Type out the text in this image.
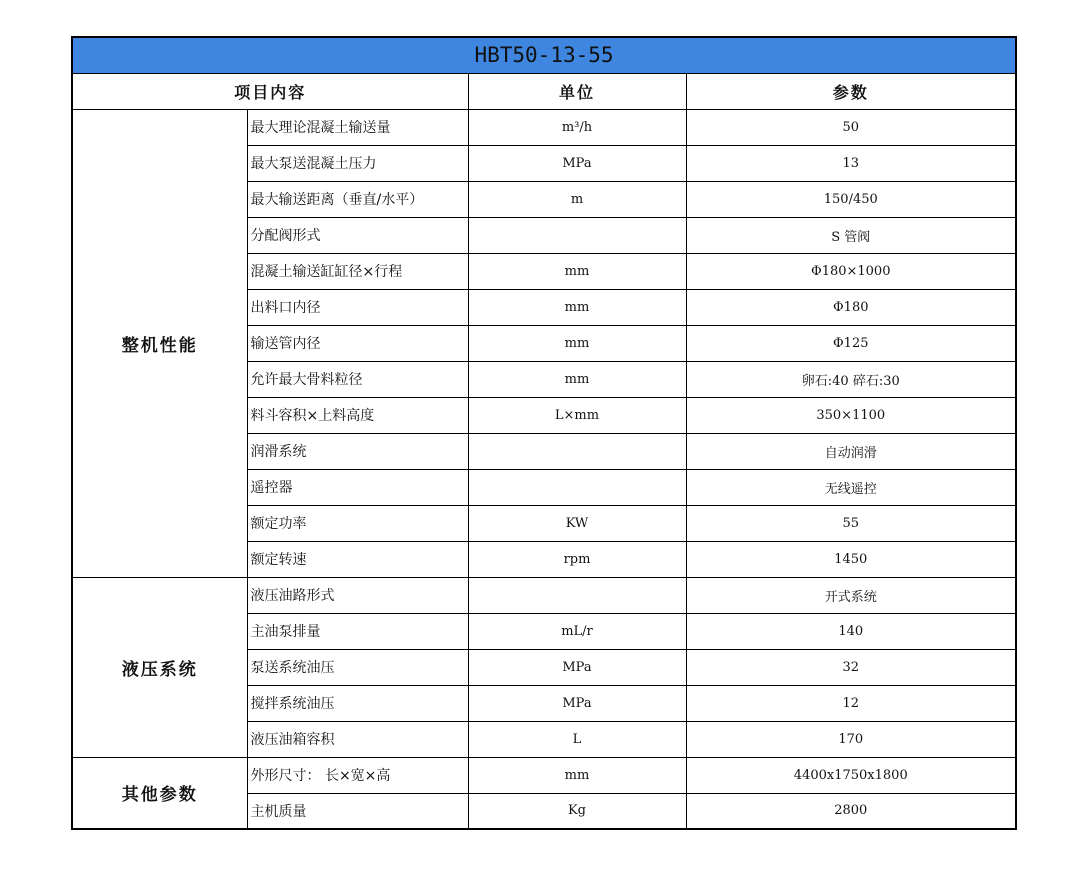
HBT50-13-55			
项目内容		单位	参数
整机性能	最大理论混凝土输送量	m³/h	50
	最大泵送混凝土压力	MPa	13
	最大输送距离（垂直/水平）	m	150/450
	分配阀形式		S 管阀
	混凝土输送缸缸径×行程	mm	Φ180×1000
	出料口内径	mm	Φ180
	输送管内径	mm	Φ125
	允许最大骨料粒径	mm	卵石:40 碎石:30
	料斗容积×上料高度	L×mm	350×1100
	润滑系统		自动润滑
	遥控器		无线遥控
	额定功率	KW	55
	额定转速	rpm	1450
液压系统	液压油路形式		开式系统
	主油泵排量	mL/r	140
	泵送系统油压	MPa	32
	搅拌系统油压	MPa	12
	液压油箱容积	L	170
其他参数	外形尺寸： 长×宽×高	mm	4400x1750x1800
	主机质量	Kg	2800
